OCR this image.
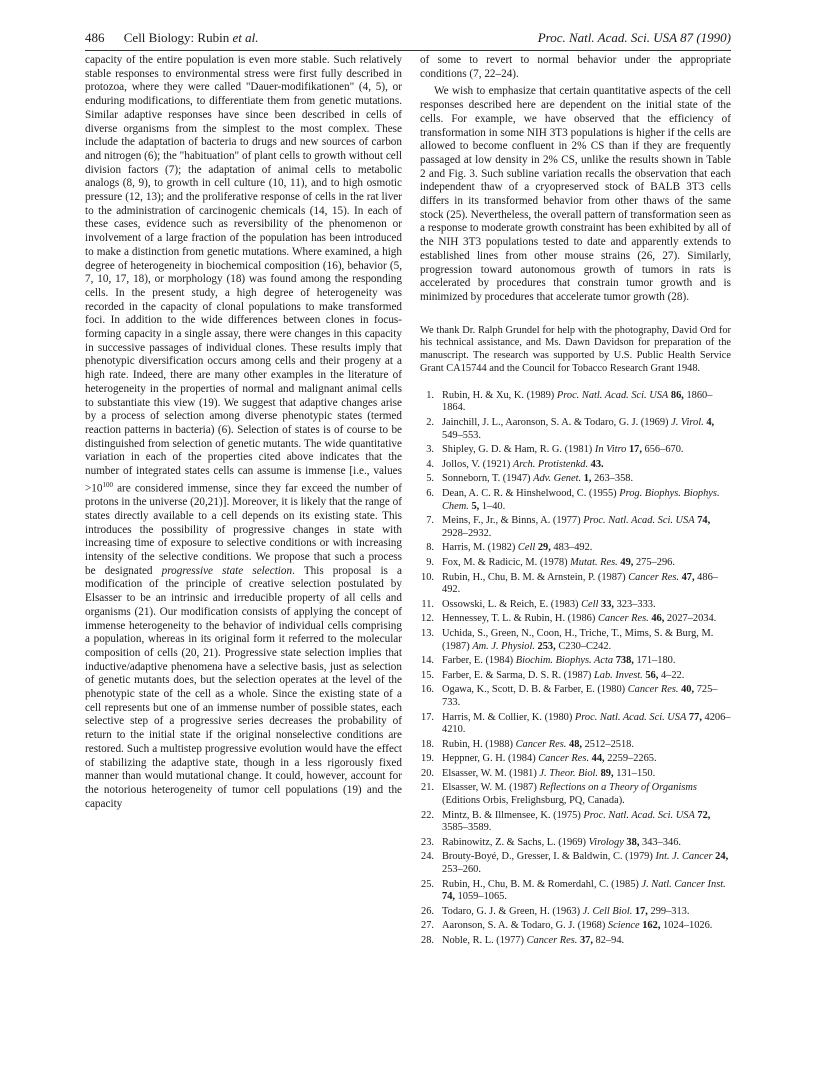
486 Cell Biology: Rubin et al.	Proc. Natl. Acad. Sci. USA 87 (1990)

capacity of the entire population is even more stable. Such relatively stable responses to environmental stress were first fully described in protozoa, where they were called "Dauer-modifikationen" (4, 5), or enduring modifications, to differentiate them from genetic mutations. Similar adaptive responses have since been described in cells of diverse organisms from the simplest to the most complex. These include the adaptation of bacteria to drugs and new sources of carbon and nitrogen (6); the "habituation" of plant cells to growth without cell division factors (7); the adaptation of animal cells to metabolic analogs (8, 9), to growth in cell culture (10, 11), and to high osmotic pressure (12, 13); and the proliferative response of cells in the rat liver to the administration of carcinogenic chemicals (14, 15). In each of these cases, evidence such as reversibility of the phenomenon or involvement of a large fraction of the population has been introduced to make a distinction from genetic mutations. Where examined, a high degree of heterogeneity in biochemical composition (16), behavior (5, 7, 10, 17, 18), or morphology (18) was found among the responding cells. In the present study, a high degree of heterogeneity was recorded in the capacity of clonal populations to make transformed foci. In addition to the wide differences between clones in focus-forming capacity in a single assay, there were changes in this capacity in successive passages of individual clones. These results imply that phenotypic diversification occurs among cells and their progeny at a high rate. Indeed, there are many other examples in the literature of heterogeneity in the properties of normal and malignant animal cells to substantiate this view (19). We suggest that adaptive changes arise by a process of selection among diverse phenotypic states (termed reaction patterns in bacteria) (6). Selection of states is of course to be distinguished from selection of genetic mutants. The wide quantitative variation in each of the properties cited above indicates that the number of integrated states cells can assume is immense [i.e., values $>10^{100}$ are considered immense, since they far exceed the number of protons in the universe (20,21)]. Moreover, it is likely that the range of states directly available to a cell depends on its existing state. This introduces the possibility of progressive changes in state with increasing time of exposure to selective conditions or with increasing intensity of the selective conditions. We propose that such a process be designated progressive state selection. This proposal is a modification of the principle of creative selection postulated by Elsasser to be an intrinsic and irreducible property of all cells and organisms (21). Our modification consists of applying the concept of immense heterogeneity to the behavior of individual cells comprising a population, whereas in its original form it referred to the molecular composition of cells (20, 21). Progressive state selection implies that inductive/adaptive phenomena have a selective basis, just as selection of genetic mutants does, but the selection operates at the level of the phenotypic state of the cell as a whole. Since the existing state of a cell represents but one of an immense number of possible states, each selective step of a progressive series decreases the probability of return to the initial state if the original nonselective conditions are restored. Such a multistep progressive evolution would have the effect of stabilizing the adaptive state, though in a less rigorously fixed manner than would mutational change. It could, however, account for the notorious heterogeneity of tumor cell populations (19) and the capacity

of some to revert to normal behavior under the appropriate conditions (7, 22–24).

We wish to emphasize that certain quantitative aspects of the cell responses described here are dependent on the initial state of the cells. For example, we have observed that the efficiency of transformation in some NIH 3T3 populations is higher if the cells are allowed to become confluent in 2% CS than if they are frequently passaged at low density in 2% CS, unlike the results shown in Table 2 and Fig. 3. Such subline variation recalls the observation that each independent thaw of a cryopreserved stock of BALB 3T3 cells differs in its transformed behavior from other thaws of the same stock (25). Nevertheless, the overall pattern of transformation seen as a response to moderate growth constraint has been exhibited by all of the NIH 3T3 populations tested to date and apparently extends to established lines from other mouse strains (26, 27). Similarly, progression toward autonomous growth of tumors in rats is accelerated by procedures that constrain tumor growth and is minimized by procedures that accelerate tumor growth (28).

We thank Dr. Ralph Grundel for help with the photography, David Ord for his technical assistance, and Ms. Dawn Davidson for preparation of the manuscript. The research was supported by U.S. Public Health Service Grant CA15744 and the Council for Tobacco Research Grant 1948.

1. Rubin, H. & Xu, K. (1989) Proc. Natl. Acad. Sci. USA 86, 1860–1864.
2. Jainchill, J. L., Aaronson, S. A. & Todaro, G. J. (1969) J. Virol. 4, 549–553.
3. Shipley, G. D. & Ham, R. G. (1981) In Vitro 17, 656–670.
4. Jollos, V. (1921) Arch. Protistenkd. 43.
5. Sonneborn, T. (1947) Adv. Genet. 1, 263–358.
6. Dean, A. C. R. & Hinshelwood, C. (1955) Prog. Biophys. Biophys. Chem. 5, 1–40.
7. Meins, F., Jr., & Binns, A. (1977) Proc. Natl. Acad. Sci. USA 74, 2928–2932.
8. Harris, M. (1982) Cell 29, 483–492.
9. Fox, M. & Radicic, M. (1978) Mutat. Res. 49, 275–296.
10. Rubin, H., Chu, B. M. & Arnstein, P. (1987) Cancer Res. 47, 486–492.
11. Ossowski, L. & Reich, E. (1983) Cell 33, 323–333.
12. Hennessey, T. L. & Rubin, H. (1986) Cancer Res. 46, 2027–2034.
13. Uchida, S., Green, N., Coon, H., Triche, T., Mims, S. & Burg, M. (1987) Am. J. Physiol. 253, C230–C242.
14. Farber, E. (1984) Biochim. Biophys. Acta 738, 171–180.
15. Farber, E. & Sarma, D. S. R. (1987) Lab. Invest. 56, 4–22.
16. Ogawa, K., Scott, D. B. & Farber, E. (1980) Cancer Res. 40, 725–733.
17. Harris, M. & Collier, K. (1980) Proc. Natl. Acad. Sci. USA 77, 4206–4210.
18. Rubin, H. (1988) Cancer Res. 48, 2512–2518.
19. Heppner, G. H. (1984) Cancer Res. 44, 2259–2265.
20. Elsasser, W. M. (1981) J. Theor. Biol. 89, 131–150.
21. Elsasser, W. M. (1987) Reflections on a Theory of Organisms (Editions Orbis, Frelighsburg, PQ, Canada).
22. Mintz, B. & Illmensee, K. (1975) Proc. Natl. Acad. Sci. USA 72, 3585–3589.
23. Rabinowitz, Z. & Sachs, L. (1969) Virology 38, 343–346.
24. Brouty-Boyé, D., Gresser, I. & Baldwin, C. (1979) Int. J. Cancer 24, 253–260.
25. Rubin, H., Chu, B. M. & Romerdahl, C. (1985) J. Natl. Cancer Inst. 74, 1059–1065.
26. Todaro, G. J. & Green, H. (1963) J. Cell Biol. 17, 299–313.
27. Aaronson, S. A. & Todaro, G. J. (1968) Science 162, 1024–1026.
28. Noble, R. L. (1977) Cancer Res. 37, 82–94.
